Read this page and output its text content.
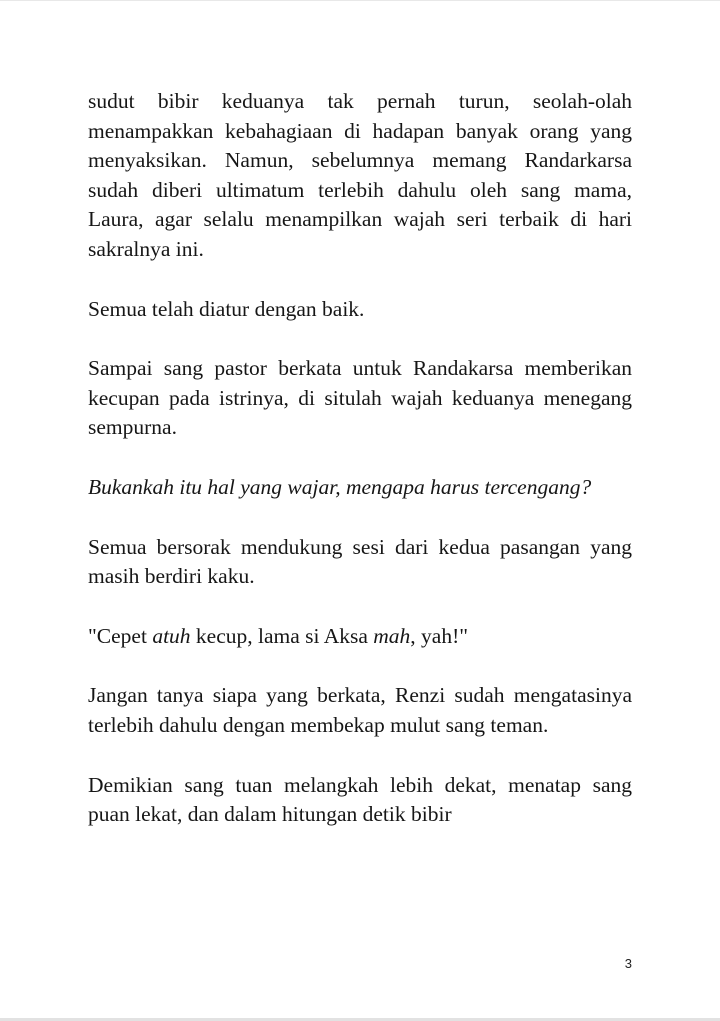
sudut bibir keduanya tak pernah turun, seolah-olah menampakkan kebahagiaan di hadapan banyak orang yang menyaksikan. Namun, sebelumnya memang Randarkarsa sudah diberi ultimatum terlebih dahulu oleh sang mama, Laura, agar selalu menampilkan wajah seri terbaik di hari sakralnya ini.

Semua telah diatur dengan baik.

Sampai sang pastor berkata untuk Randakarsa memberikan kecupan pada istrinya, di situlah wajah keduanya menegang sempurna.

Bukankah itu hal yang wajar, mengapa harus tercengang?

Semua bersorak mendukung sesi dari kedua pasangan yang masih berdiri kaku.

"Cepet atuh kecup, lama si Aksa mah, yah!"

Jangan tanya siapa yang berkata, Renzi sudah mengatasinya terlebih dahulu dengan membekap mulut sang teman.

Demikian sang tuan melangkah lebih dekat, menatap sang puan lekat, dan dalam hitungan detik bibir

3
